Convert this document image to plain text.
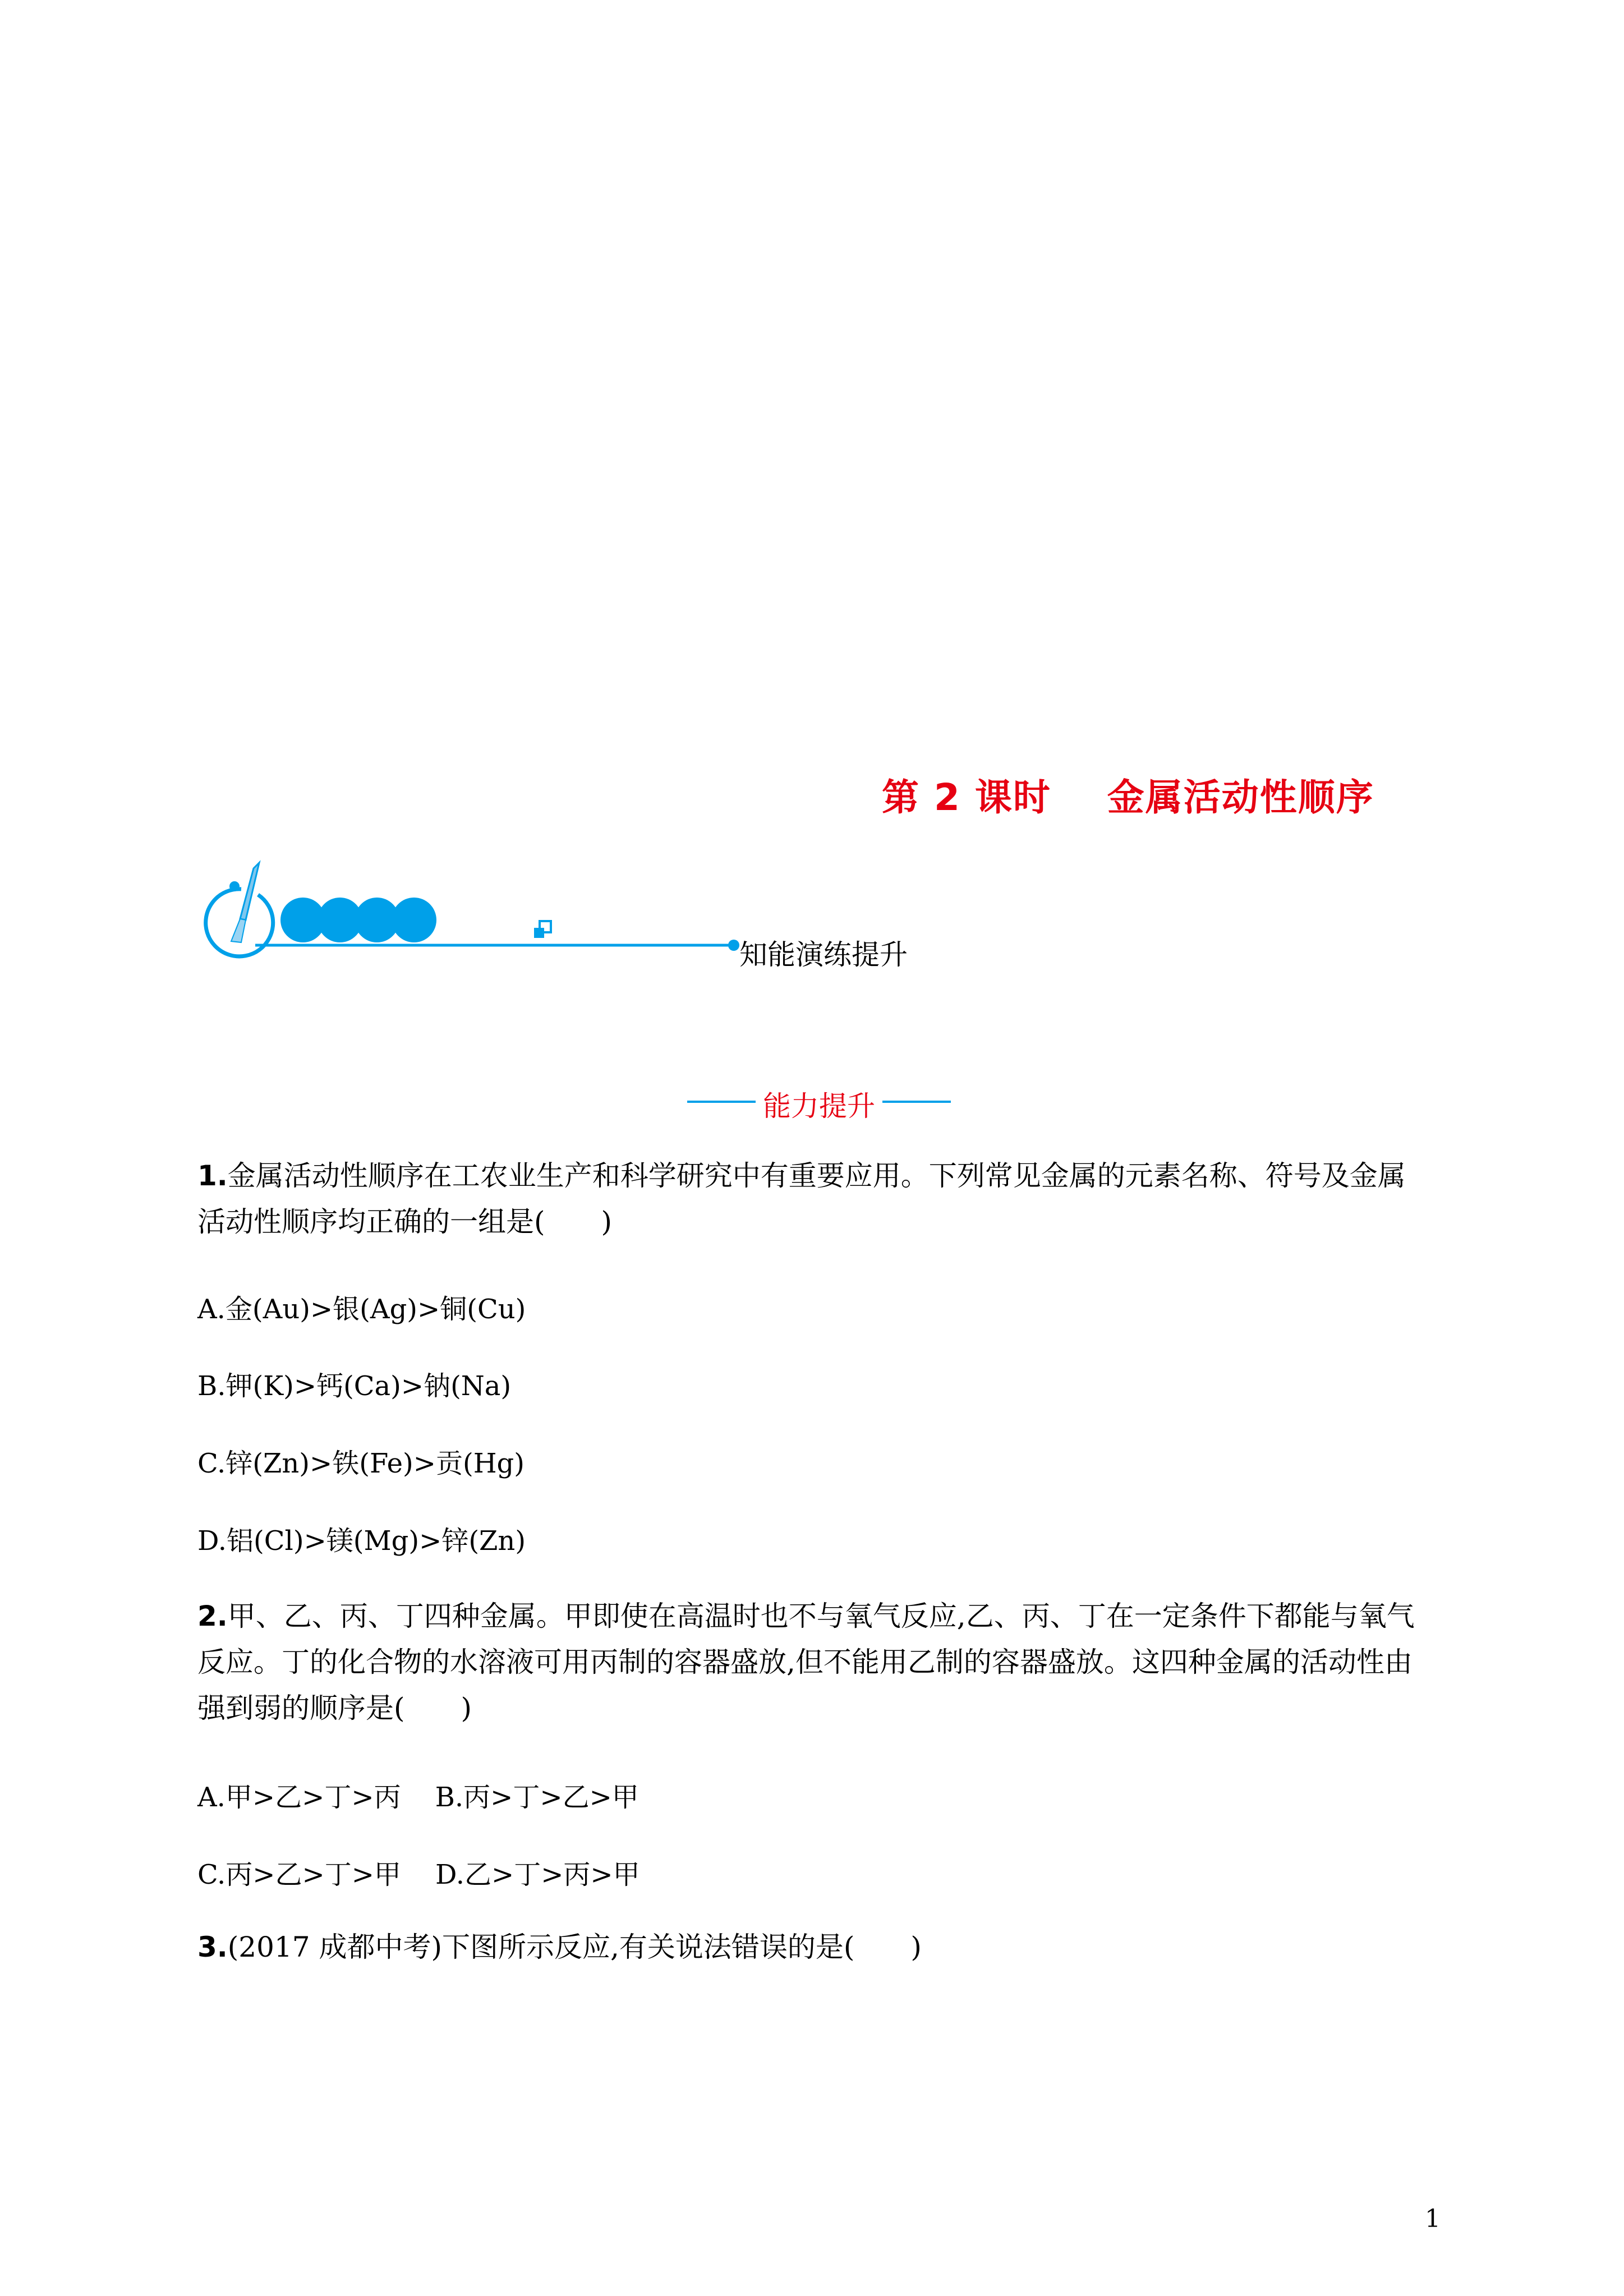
第 2 课时    金属活动性顺序
知能演练提升
能力提升
1.金属活动性顺序在工农业生产和科学研究中有重要应用。下列常见金属的元素名称、符号及金属活动性顺序均正确的一组是(　　)
A.金(Au)>银(Ag)>铜(Cu)
B.钾(K)>钙(Ca)>钠(Na)
C.锌(Zn)>铁(Fe)>贡(Hg)
D.铝(Cl)>镁(Mg)>锌(Zn)
2.甲、乙、丙、丁四种金属。甲即使在高温时也不与氧气反应,乙、丙、丁在一定条件下都能与氧气反应。丁的化合物的水溶液可用丙制的容器盛放,但不能用乙制的容器盛放。这四种金属的活动性由强到弱的顺序是(　　)
A.甲>乙>丁>丙    B.丙>丁>乙>甲
C.丙>乙>丁>甲    D.乙>丁>丙>甲
3.(2017 成都中考)下图所示反应,有关说法错误的是(　　)
1
